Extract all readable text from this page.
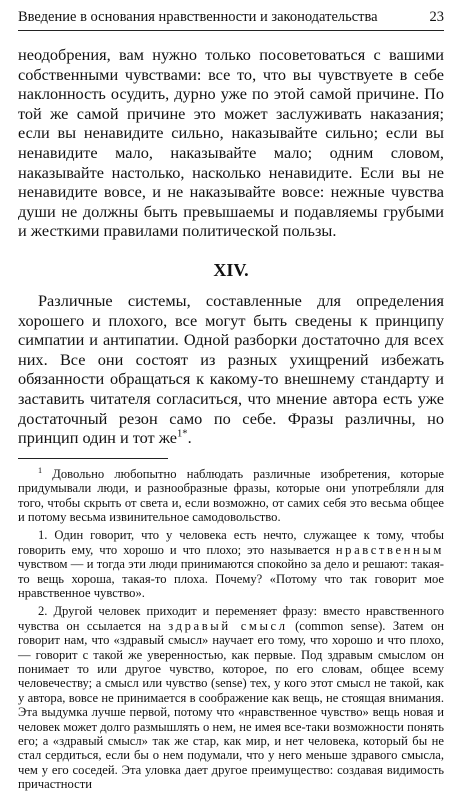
Введение в основания нравственности и законодательства	23

неодобрения, вам нужно только посоветоваться с вашими собственными чувствами: все то, что вы чувствуете в себе наклонность осудить, дурно уже по этой самой причине. По той же самой причине это может заслуживать наказания; если вы ненавидите сильно, наказывайте сильно; если вы ненавидите мало, наказывайте мало; одним словом, наказывайте настолько, насколько ненавидите. Если вы не ненавидите вовсе, и не наказывайте вовсе: нежные чувства души не должны быть превышаемы и подавляемы грубыми и жесткими правилами политической пользы.

XIV.

Различные системы, составленные для определения хорошего и плохого, все могут быть сведены к принципу симпатии и антипатии. Одной разборки достаточно для всех них. Все они состоят из разных ухищрений избежать обязанности обращаться к какому-то внешнему стандарту и заставить читателя согласиться, что мнение автора есть уже достаточный резон само по себе. Фразы различны, но принцип один и тот $же^{1*}$.

$^1$ Довольно любопытно наблюдать различные изобретения, которые придумывали люди, и разнообразные фразы, которые они употребляли для того, чтобы скрыть от света и, если возможно, от самих себя это весьма общее и потому весьма извинительное самодовольство.

1. Один говорит, что у человека есть нечто, служащее к тому, чтобы говорить ему, что хорошо и что плохо; это называется нравственным чувством — и тогда эти люди принимаются спокойно за дело и решают: такая-то вещь хороша, такая-то плоха. Почему? «Потому что так говорит мое нравственное чувство».

2. Другой человек приходит и переменяет фразу: вместо нравственного чувства он ссылается на здравый смысл (common sense). Затем он говорит нам, что «здравый смысл» научает его тому, что хорошо и что плохо, — говорит с такой же уверенностью, как первые. Под здравым смыслом он понимает то или другое чувство, которое, по его словам, общее всему человечеству; а смысл или чувство (sense) тех, у кого этот смысл не такой, как у автора, вовсе не принимается в соображение как вещь, не стоящая внимания. Эта выдумка лучше первой, потому что «нравственное чувство» вещь новая и человек может долго размышлять о нем, не имея все-таки возможности понять его; а «здравый смысл» так же стар, как мир, и нет человека, который бы не стал сердиться, если бы о нем подумали, что у него меньше здравого смысла, чем у его соседей. Эта уловка дает другое преимущество: создавая видимость причастности
